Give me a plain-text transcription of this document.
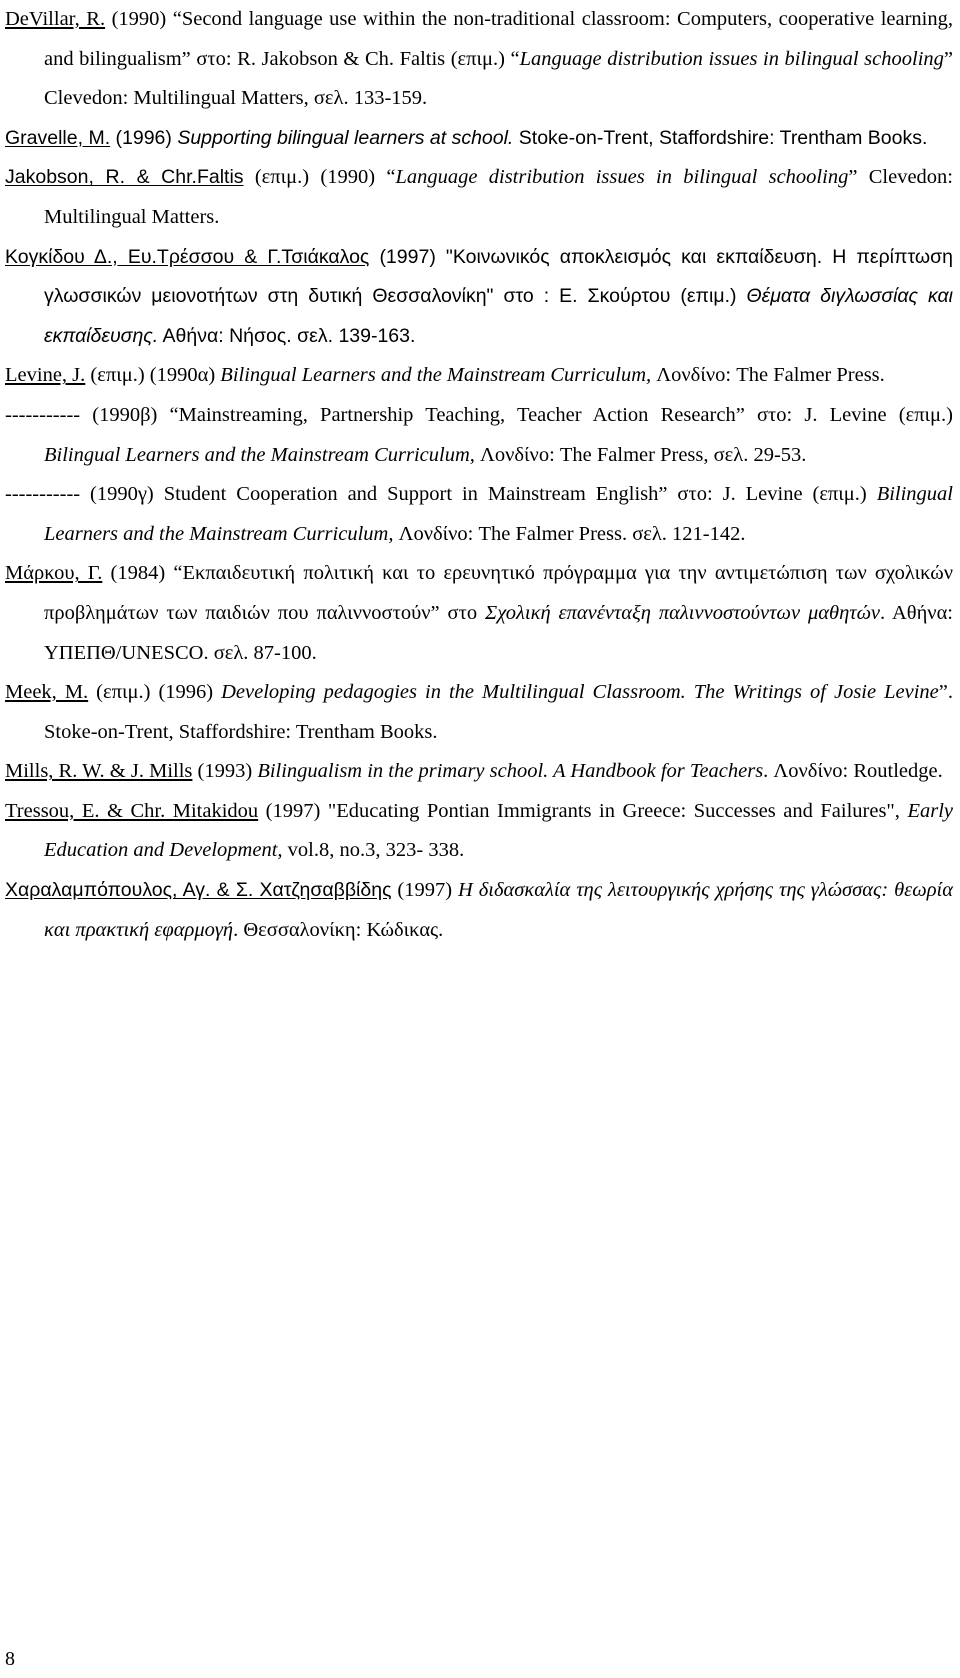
DeVillar, R. (1990) “Second language use within the non-traditional classroom: Computers, cooperative learning, and bilingualism” στο: R. Jakobson & Ch. Faltis (επιμ.) “Language distribution issues in bilingual schooling” Clevedon: Multilingual Matters, σελ. 133-159.

Gravelle, M. (1996) Supporting bilingual learners at school. Stoke-on-Trent, Staffordshire: Trentham Books.

Jakobson, R. & Chr.Faltis (επιμ.) (1990) “Language distribution issues in bilingual schooling” Clevedon: Multilingual Matters.

Κογκίδου Δ., Ευ.Τρέσσου & Γ.Τσιάκαλος (1997) "Κοινωνικός αποκλεισμός και εκπαίδευση. Η περίπτωση γλωσσικών μειονοτήτων στη δυτική Θεσσαλονίκη" στο : Ε. Σκούρτου (επιμ.) Θέματα διγλωσσίας και εκπαίδευσης. Αθήνα: Νήσος. σελ. 139-163.

Levine, J. (επιμ.) (1990α) Bilingual Learners and the Mainstream Curriculum, Λονδίνο: The Falmer Press.

----------- (1990β) “Mainstreaming, Partnership Teaching, Teacher Action Research” στο: J. Levine (επιμ.) Bilingual Learners and the Mainstream Curriculum, Λονδίνο: The Falmer Press, σελ. 29-53.

----------- (1990γ) Student Cooperation and Support in Mainstream English” στο: J. Levine (επιμ.) Bilingual Learners and the Mainstream Curriculum, Λονδίνο: The Falmer Press. σελ. 121-142.

Μάρκου, Γ. (1984) “Εκπαιδευτική πολιτική και το ερευνητικό πρόγραμμα για την αντιμετώπιση των σχολικών προβλημάτων των παιδιών που παλιννοστούν” στο Σχολική επανένταξη παλιννοστούντων μαθητών. Αθήνα: ΥΠΕΠΘ/UNESCO. σελ. 87-100.

Meek, M. (επιμ.) (1996) Developing pedagogies in the Multilingual Classroom. The Writings of Josie Levine”. Stoke-on-Trent, Staffordshire: Trentham Books.

Mills, R. W. & J. Mills (1993) Bilingualism in the primary school. A Handbook for Teachers. Λονδίνο: Routledge.

Tressou, E. & Chr. Mitakidou (1997) "Educating Pontian Immigrants in Greece: Successes and Failures", Early Education and Development, vol.8, no.3, 323- 338.

Χαραλαμπόπουλος, Αγ. & Σ. Χατζησαββίδης (1997) Η διδασκαλία της λειτουργικής χρήσης της γλώσσας: θεωρία και πρακτική εφαρμογή. Θεσσαλονίκη: Κώδικας.

8
